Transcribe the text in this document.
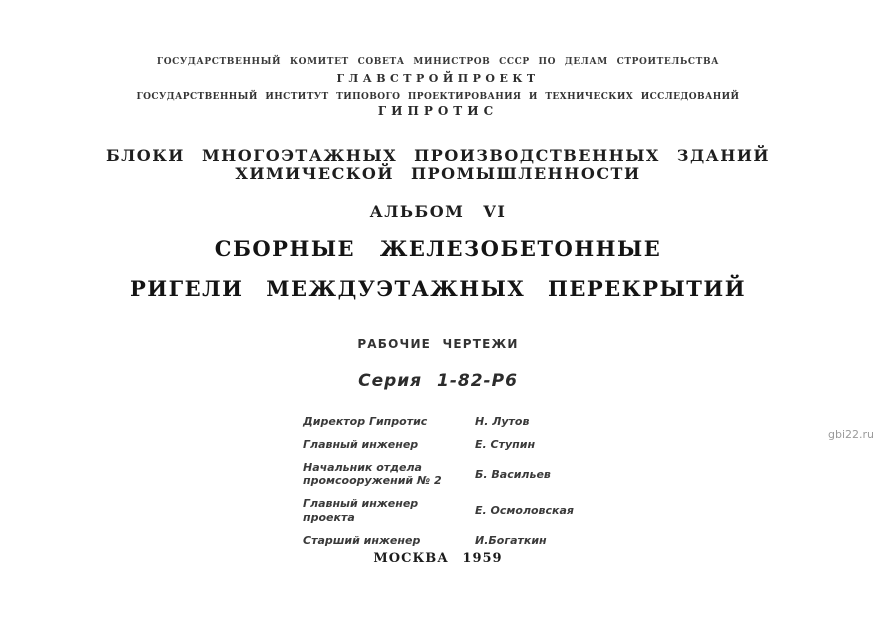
ГОСУДАРСТВЕННЫЙ КОМИТЕТ СОВЕТА МИНИСТРОВ СССР ПО ДЕЛАМ СТРОИТЕЛЬСТВА
ГЛАВСТРОЙПРОЕКТ
ГОСУДАРСТВЕННЫЙ ИНСТИТУТ ТИПОВОГО ПРОЕКТИРОВАНИЯ И ТЕХНИЧЕСКИХ ИССЛЕДОВАНИЙ
ГИПРОТИС
БЛОКИ МНОГОЭТАЖНЫХ ПРОИЗВОДСТВЕННЫХ ЗДАНИЙ
ХИМИЧЕСКОЙ ПРОМЫШЛЕННОСТИ
АЛЬБОМ VI
СБОРНЫЕ ЖЕЛЕЗОБЕТОННЫЕ
РИГЕЛИ МЕЖДУЭТАЖНЫХ ПЕРЕКРЫТИЙ
РАБОЧИЕ ЧЕРТЕЖИ
Серия 1-82-Р6
Директор Гипротис	Н. Лутов
Главный инженер	Е. Ступин
Начальник отдела промсооружений № 2	Б. Васильев
Главный инженер проекта	Е. Осмоловская
Старший инженер	И.Богаткин
МОСКВА 1959
gbi22.ru
